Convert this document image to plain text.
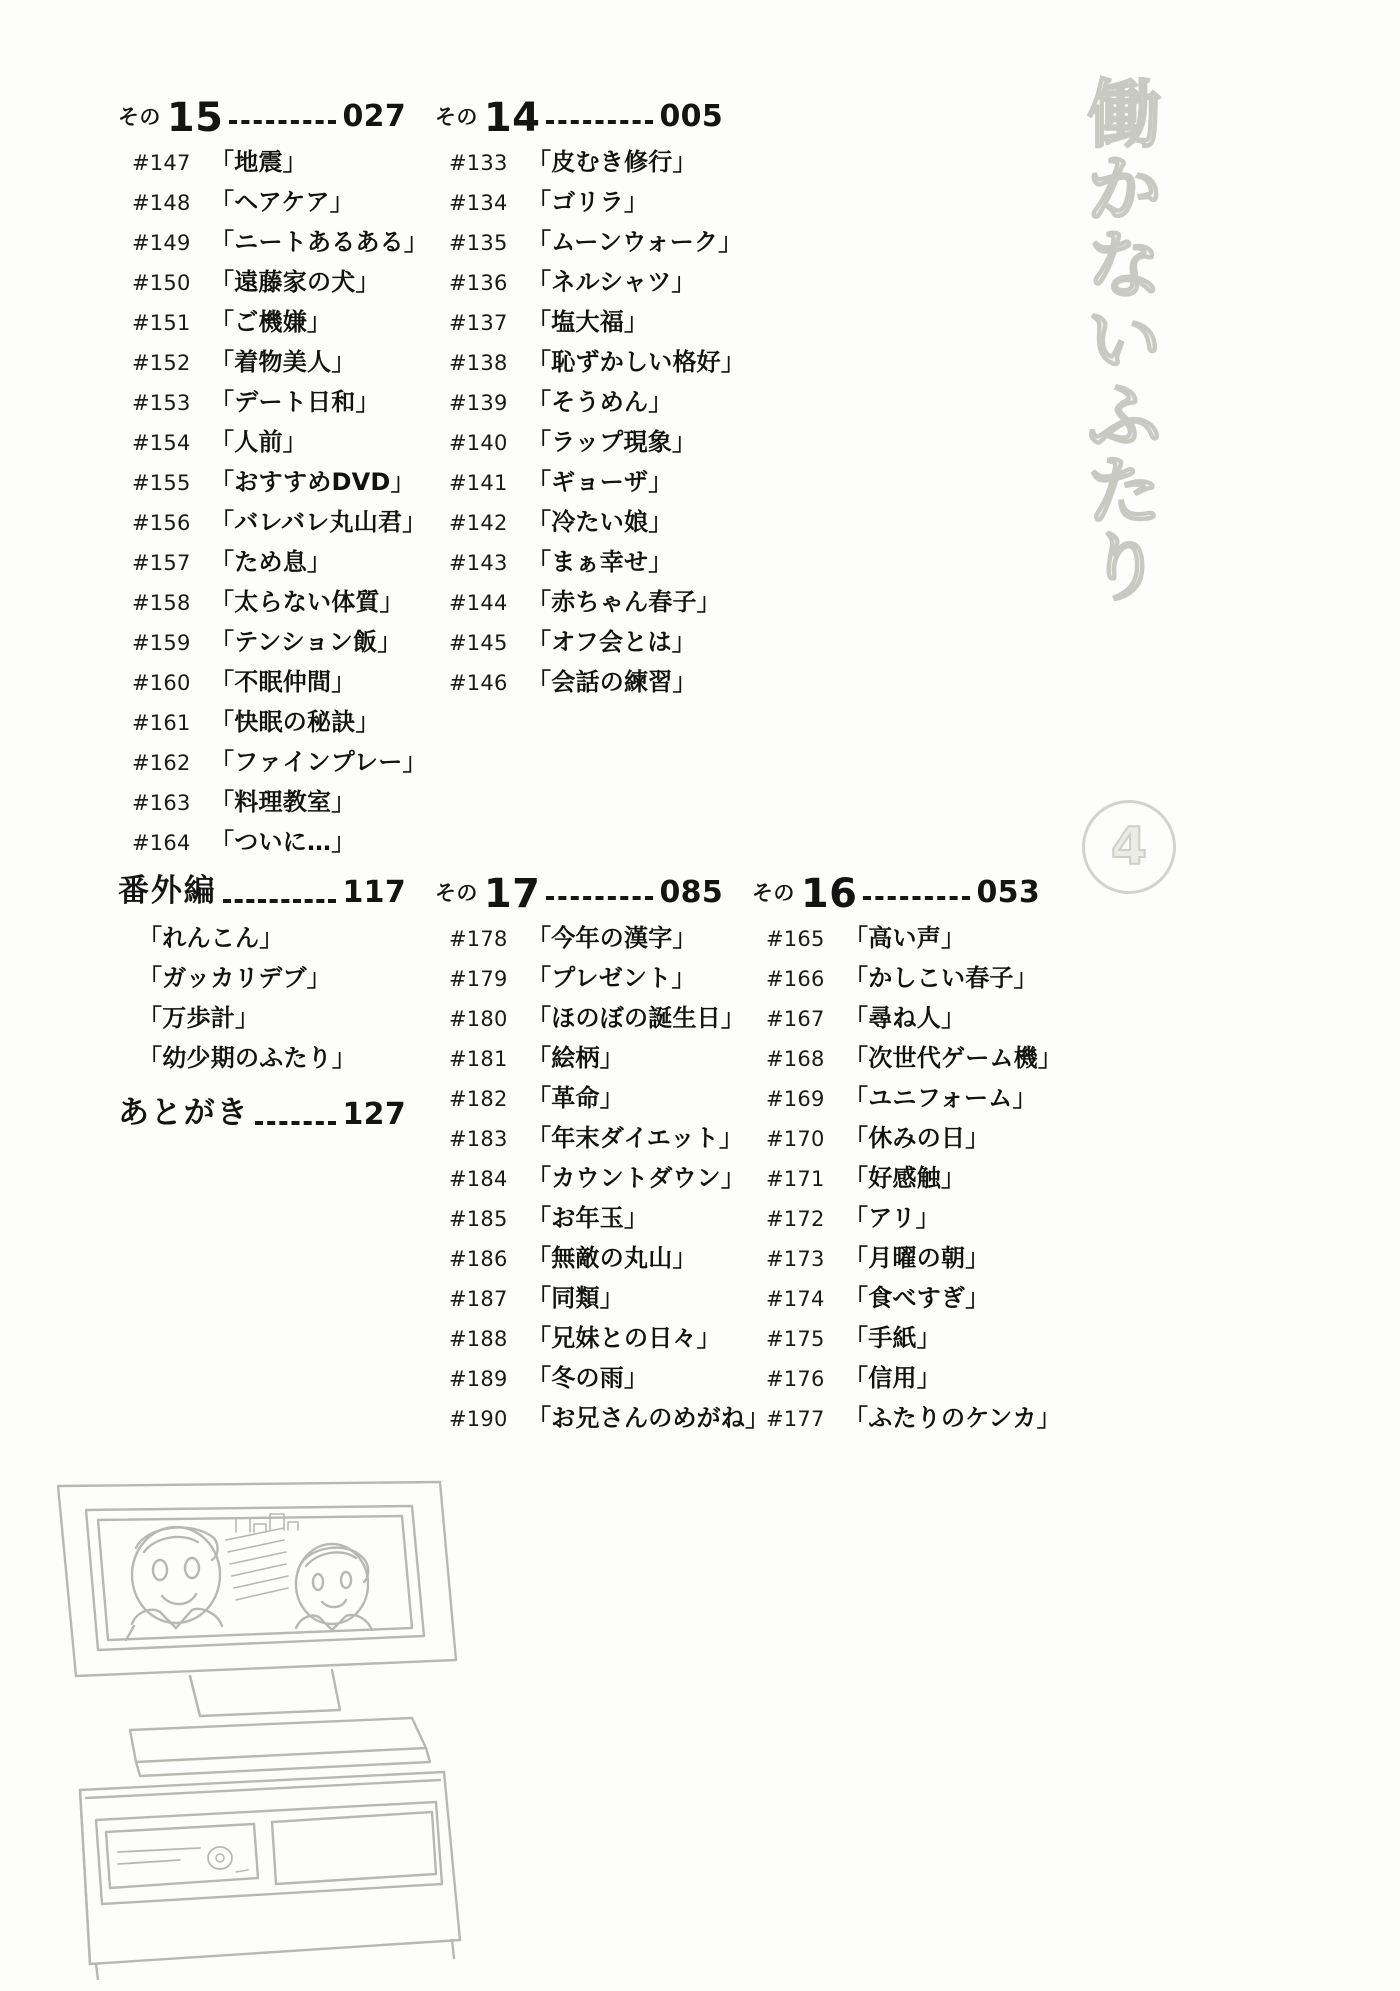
その 15	027
#147 「地震」
#148 「ヘアケア」
#149 「ニートあるある」
#150 「遠藤家の犬」
#151 「ご機嫌」
#152 「着物美人」
#153 「デート日和」
#154 「人前」
#155 「おすすめDVD」
#156 「バレバレ丸山君」
#157 「ため息」
#158 「太らない体質」
#159 「テンション飯」
#160 「不眠仲間」
#161 「快眠の秘訣」
#162 「ファインプレー」
#163 「料理教室」
#164 「ついに…」
その 14	005
#133 「皮むき修行」
#134 「ゴリラ」
#135 「ムーンウォーク」
#136 「ネルシャツ」
#137 「塩大福」
#138 「恥ずかしい格好」
#139 「そうめん」
#140 「ラップ現象」
#141 「ギョーザ」
#142 「冷たい娘」
#143 「まぁ幸せ」
#144 「赤ちゃん春子」
#145 「オフ会とは」
#146 「会話の練習」
番外編	117
「れんこん」
「ガッカリデブ」
「万歩計」
「幼少期のふたり」
あとがき	127
その 17	085
#178 「今年の漢字」
#179 「プレゼント」
#180 「ほのぼの誕生日」
#181 「絵柄」
#182 「革命」
#183 「年末ダイエット」
#184 「カウントダウン」
#185 「お年玉」
#186 「無敵の丸山」
#187 「同類」
#188 「兄妹との日々」
#189 「冬の雨」
#190 「お兄さんのめがね」
その 16	053
#165 「高い声」
#166 「かしこい春子」
#167 「尋ね人」
#168 「次世代ゲーム機」
#169 「ユニフォーム」
#170 「休みの日」
#171 「好感触」
#172 「アリ」
#173 「月曜の朝」
#174 「食べすぎ」
#175 「手紙」
#176 「信用」
#177 「ふたりのケンカ」
働
か
な
い
ふ
た
り
4
